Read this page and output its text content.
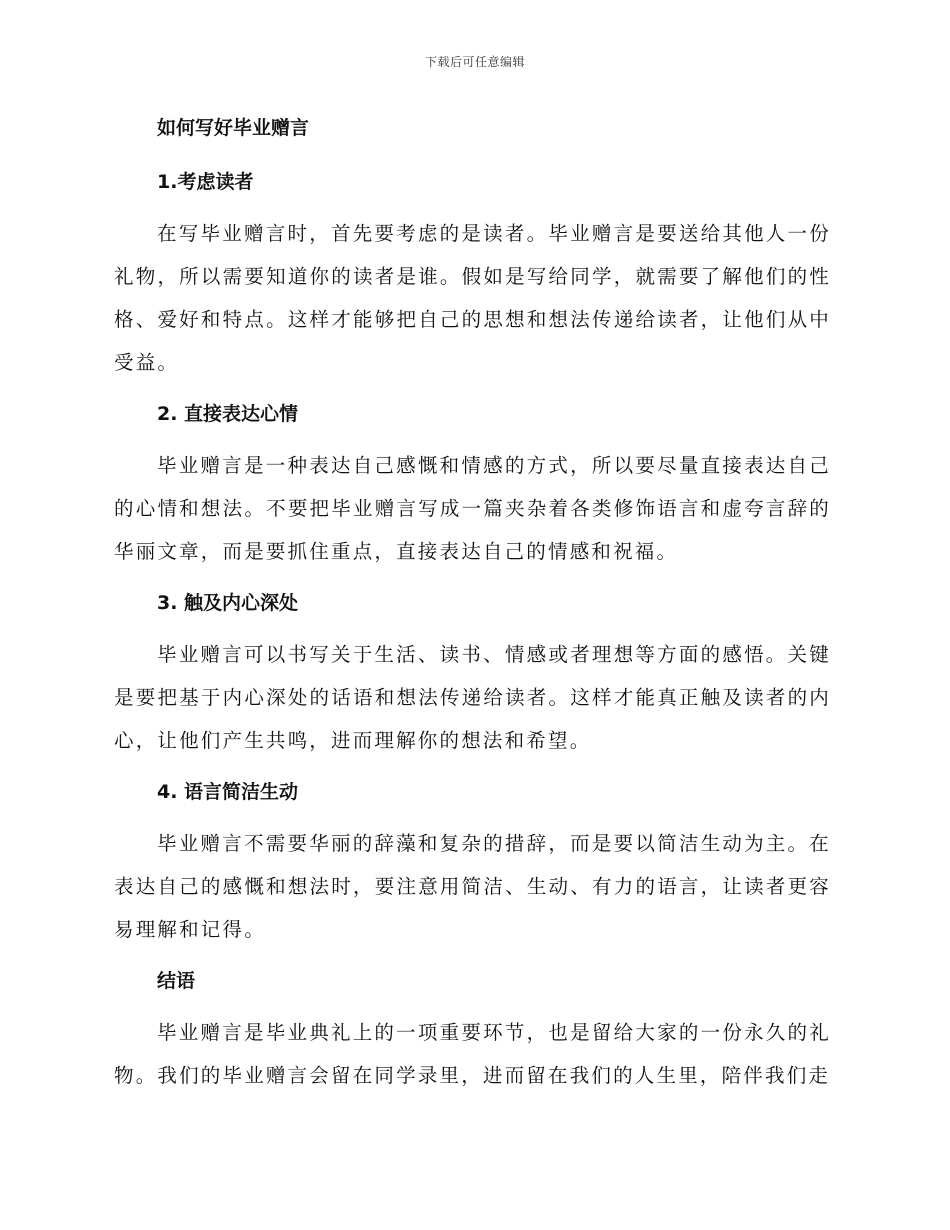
下载后可任意编辑
如何写好毕业赠言
1.考虑读者

在写毕业赠言时，首先要考虑的是读者。毕业赠言是要送给其他人一份礼物，所以需要知道你的读者是谁。假如是写给同学，就需要了解他们的性格、爱好和特点。这样才能够把自己的思想和想法传递给读者，让他们从中受益。

2. 直接表达心情

毕业赠言是一种表达自己感慨和情感的方式，所以要尽量直接表达自己的心情和想法。不要把毕业赠言写成一篇夹杂着各类修饰语言和虚夸言辞的华丽文章，而是要抓住重点，直接表达自己的情感和祝福。

3. 触及内心深处

毕业赠言可以书写关于生活、读书、情感或者理想等方面的感悟。关键是要把基于内心深处的话语和想法传递给读者。这样才能真正触及读者的内心，让他们产生共鸣，进而理解你的想法和希望。

4. 语言简洁生动

毕业赠言不需要华丽的辞藻和复杂的措辞，而是要以简洁生动为主。在表达自己的感慨和想法时，要注意用简洁、生动、有力的语言，让读者更容易理解和记得。

结语

毕业赠言是毕业典礼上的一项重要环节，也是留给大家的一份永久的礼物。我们的毕业赠言会留在同学录里，进而留在我们的人生里，陪伴我们走
